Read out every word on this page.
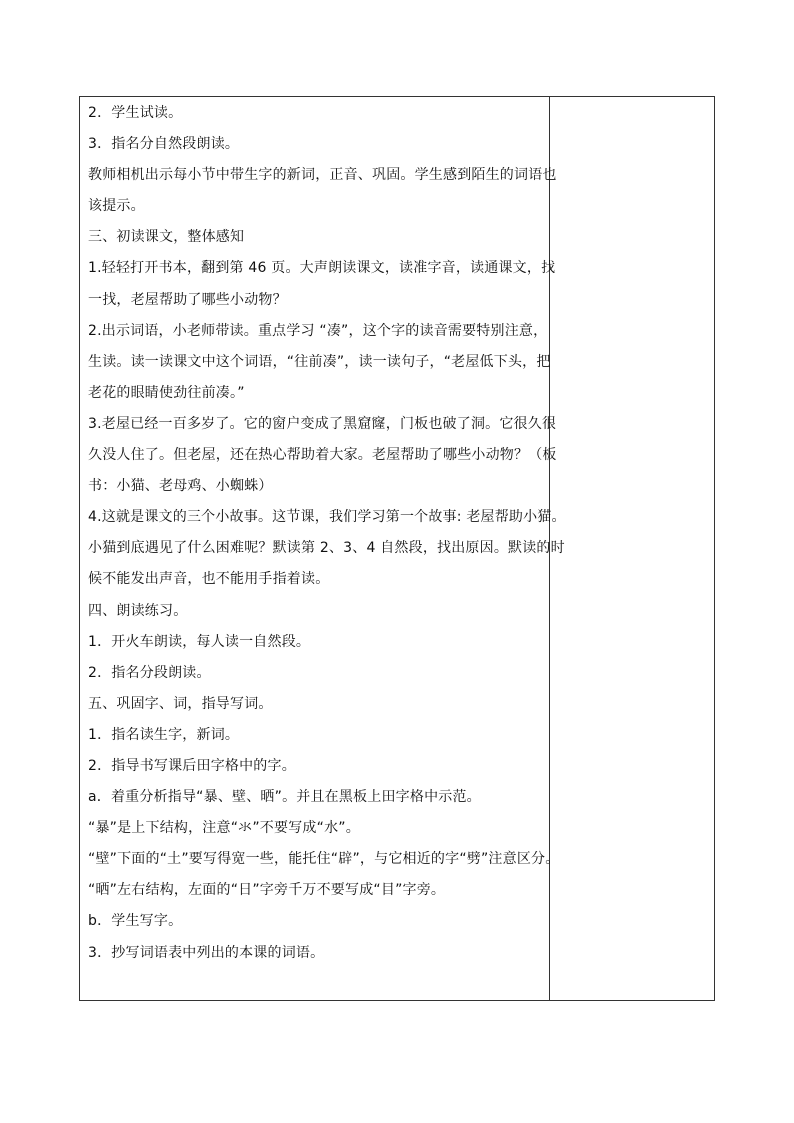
2．学生试读。
3．指名分自然段朗读。
教师相机出示每小节中带生字的新词，正音、巩固。学生感到陌生的词语也
该提示。
三、初读课文，整体感知
1.轻轻打开书本，翻到第 46 页。大声朗读课文，读准字音，读通课文，找
一找，老屋帮助了哪些小动物？
2.出示词语，小老师带读。重点学习 “凑”，这个字的读音需要特别注意，
生读。读一读课文中这个词语，“往前凑”，读一读句子，“老屋低下头，把
老花的眼睛使劲往前凑。”
3.老屋已经一百多岁了。它的窗户变成了黑窟窿，门板也破了洞。它很久很
久没人住了。但老屋，还在热心帮助着大家。老屋帮助了哪些小动物？（板
书：小猫、老母鸡、小蜘蛛）
4.这就是课文的三个小故事。这节课，我们学习第一个故事: 老屋帮助小猫。
小猫到底遇见了什么困难呢？默读第 2、3、4 自然段，找出原因。默读的时
候不能发出声音，也不能用手指着读。
四、朗读练习。
1．开火车朗读，每人读一自然段。
2．指名分段朗读。
五、巩固字、词，指导写词。
1．指名读生字，新词。
2．指导书写课后田字格中的字。
a．着重分析指导“暴、壁、晒”。并且在黑板上田字格中示范。
“暴”是上下结构，注意“氺”不要写成“水”。
“壁”下面的“土”要写得宽一些，能托住“辟”，与它相近的字“劈”注意区分。
“晒”左右结构，左面的“日”字旁千万不要写成“目”字旁。
b．学生写字。
3．抄写词语表中列出的本课的词语。
